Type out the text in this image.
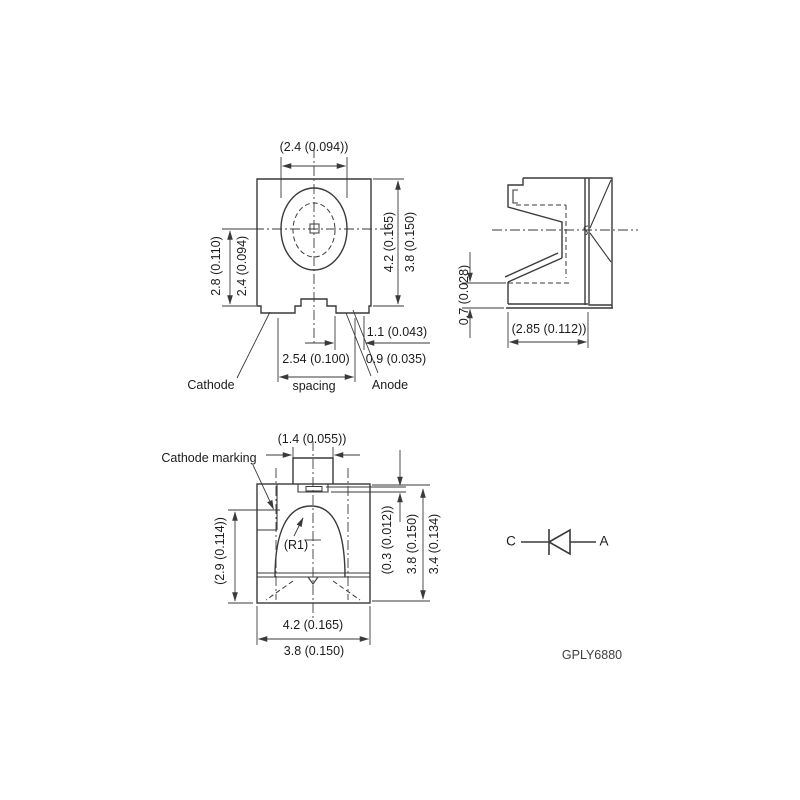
(2.4 (0.094))
4.2 (0.165) 3.8 (0.150)
2.8 (0.110) 2.4 (0.094)
1.1 (0.043)
0.9 (0.035)
2.54 (0.100)
spacing
Cathode	Anode
0.7 (0.028)
(2.85 (0.112))
Cathode marking
(1.4 (0.055))
(2.9 (0.114))	(R1)	(0.3 (0.012)) 3.8 (0.150) 3.4 (0.134)
4.2 (0.165)
3.8 (0.150)
C	A
GPLY6880
